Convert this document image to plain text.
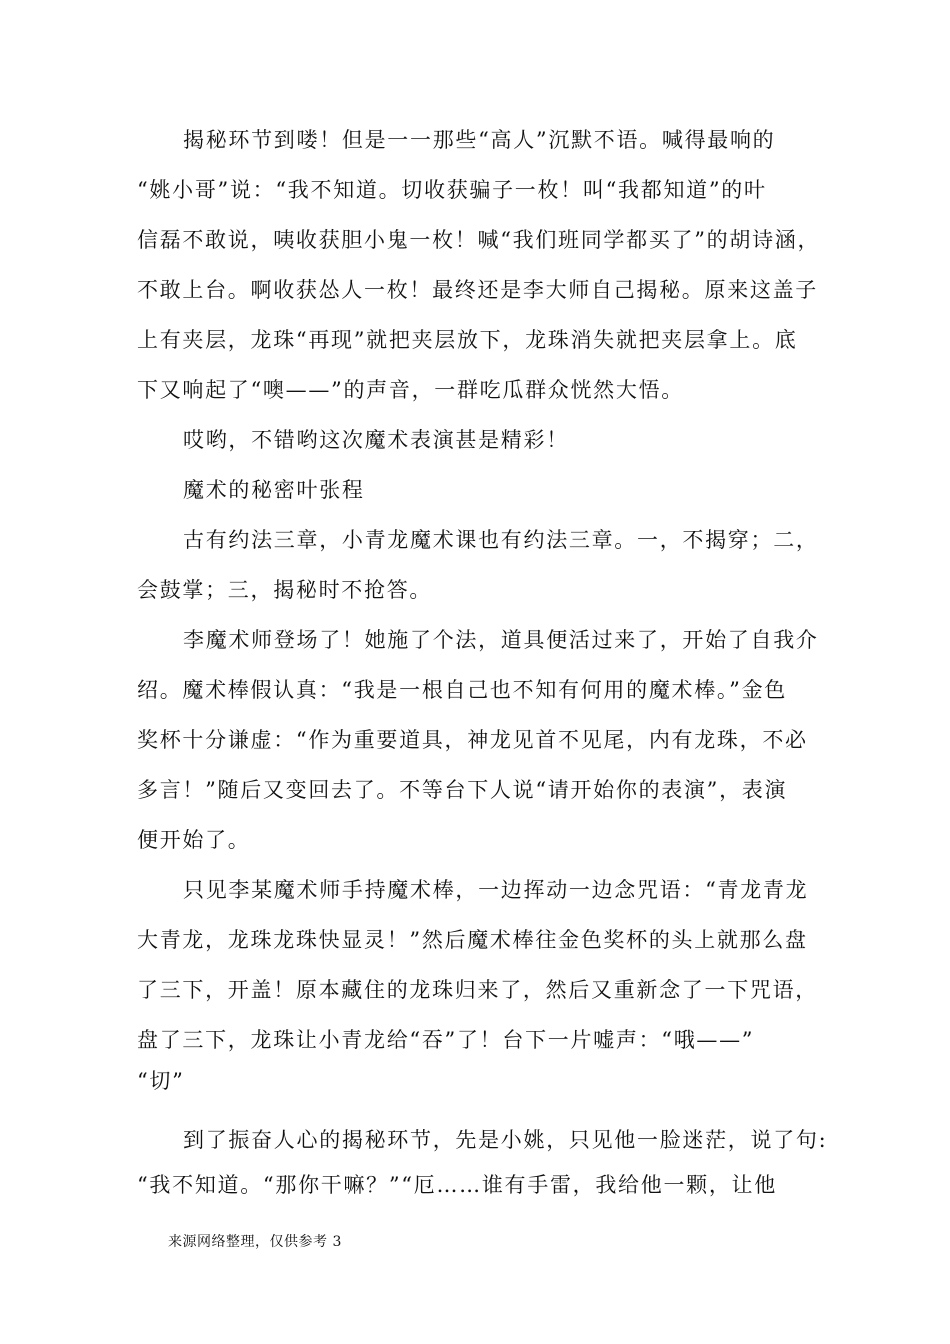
揭秘环节到喽！但是一一那些“高人”沉默不语。喊得最响的
“姚小哥”说：“我不知道。切收获骗子一枚！叫“我都知道”的叶
信磊不敢说，咦收获胆小鬼一枚！喊“我们班同学都买了”的胡诗涵，
不敢上台。啊收获怂人一枚！最终还是李大师自己揭秘。原来这盖子
上有夹层，龙珠“再现”就把夹层放下，龙珠消失就把夹层拿上。底
下又响起了“噢——”的声音，一群吃瓜群众恍然大悟。
哎哟，不错哟这次魔术表演甚是精彩！
魔术的秘密叶张程
古有约法三章，小青龙魔术课也有约法三章。一，不揭穿；二，
会鼓掌；三，揭秘时不抢答。
李魔术师登场了！她施了个法，道具便活过来了，开始了自我介
绍。魔术棒假认真：“我是一根自己也不知有何用的魔术棒。”金色
奖杯十分谦虚：“作为重要道具，神龙见首不见尾，内有龙珠，不必
多言！”随后又变回去了。不等台下人说“请开始你的表演”，表演
便开始了。
只见李某魔术师手持魔术棒，一边挥动一边念咒语：“青龙青龙
大青龙，龙珠龙珠快显灵！”然后魔术棒往金色奖杯的头上就那么盘
了三下，开盖！原本藏住的龙珠归来了，然后又重新念了一下咒语，
盘了三下，龙珠让小青龙给“吞”了！台下一片嘘声：“哦——”
“切”
到了振奋人心的揭秘环节，先是小姚，只见他一脸迷茫，说了句:
“我不知道。“那你干嘛？”“厄……谁有手雷，我给他一颗，让他
来源网络整理，仅供参考 3
